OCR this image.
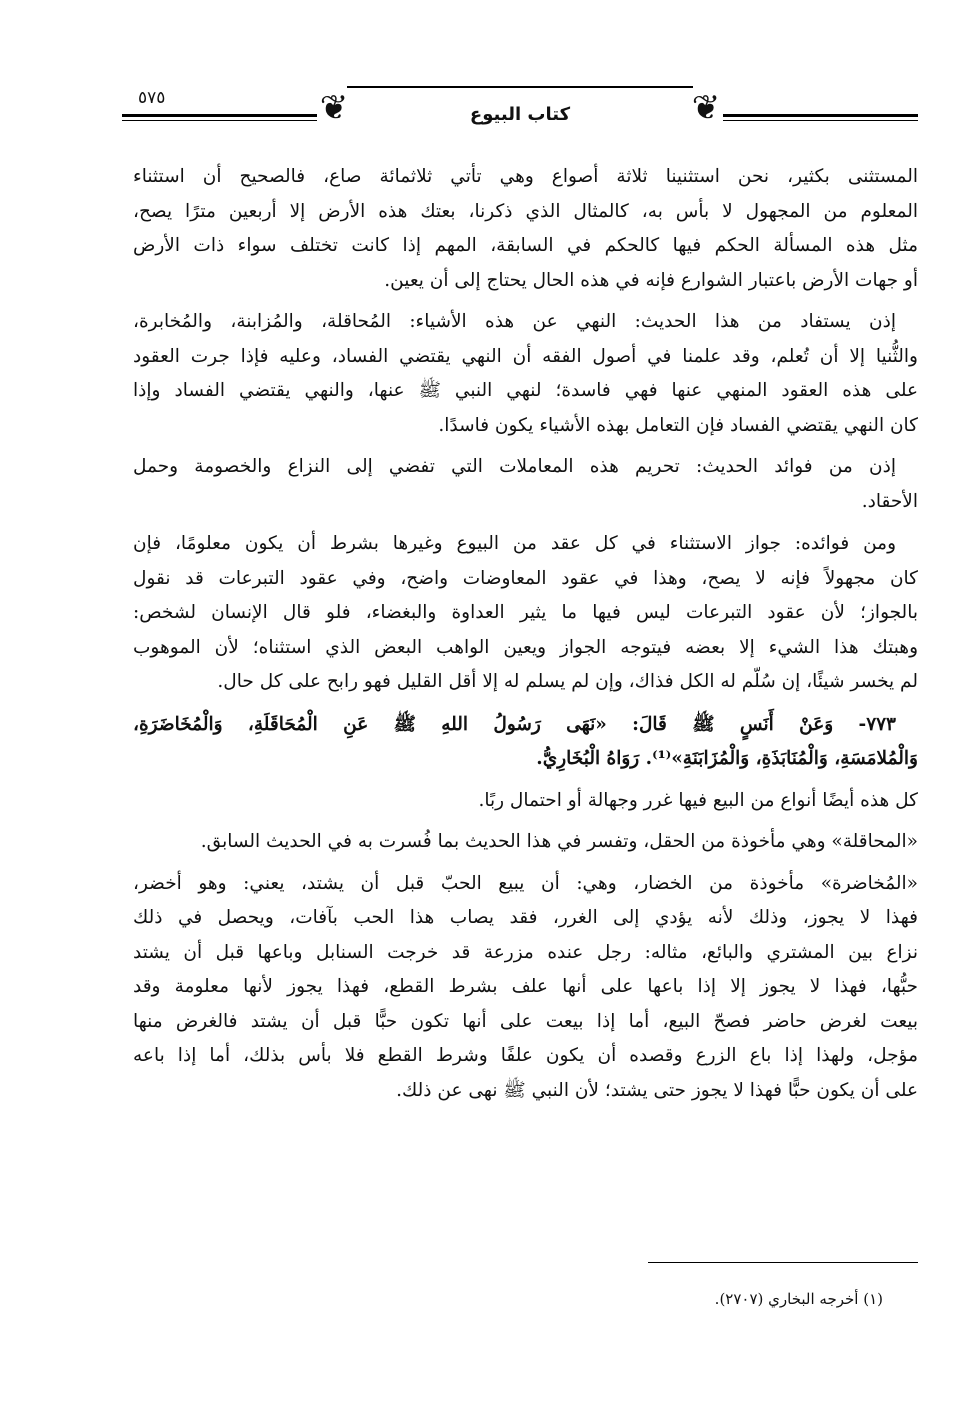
٥٧٥	❦	❦
كتاب البيوع
المستثنى بكثير، نحن استثنينا ثلاثة أصواع وهي تأتي ثلاثمائة صاع، فالصحيح أن استثناء
المعلوم من المجهول لا بأس به، كالمثال الذي ذكرنا، بعتك هذه الأرض إلا أربعين مترًا يصح،
مثل هذه المسألة الحكم فيها كالحكم في السابقة، المهم إذا كانت تختلف سواء ذات الأرض
أو جهات الأرض باعتبار الشوارع فإنه في هذه الحال يحتاج إلى أن يعين.
إذن يستفاد من هذا الحديث: النهي عن هذه الأشياء: المُحاقلة، والمُزابنة، والمُخابرة،
والثُّنيا إلا أن تُعلم، وقد علمنا في أصول الفقه أن النهي يقتضي الفساد، وعليه فإذا جرت العقود
على هذه العقود المنهي عنها فهي فاسدة؛ لنهي النبي ﷺ عنها، والنهي يقتضي الفساد وإذا
كان النهي يقتضي الفساد فإن التعامل بهذه الأشياء يكون فاسدًا.
إذن من فوائد الحديث: تحريم هذه المعاملات التي تفضي إلى النزاع والخصومة وحمل
الأحقاد.
ومن فوائده: جواز الاستثناء في كل عقد من البيوع وغيرها بشرط أن يكون معلومًا، فإن
كان مجهولاً فإنه لا يصح، وهذا في عقود المعاوضات واضح، وفي عقود التبرعات قد نقول
بالجواز؛ لأن عقود التبرعات ليس فيها ما يثير العداوة والبغضاء، فلو قال الإنسان لشخص:
وهبتك هذا الشيء إلا بعضه فيتوجه الجواز ويعين الواهب البعض الذي استثناه؛ لأن الموهوب
لم يخسر شيئًا، إن سُلّم له الكل فذاك، وإن لم يسلم له إلا أقل القليل فهو رابح على كل حال.
٧٧٣- وَعَنْ أَنَسٍ ﷺ قَالَ: «نَهَى رَسُولُ اللهِ ﷺ عَنِ الْمُحَاقَلَةِ، وَالْمُخَاضَرَةِ،
وَالْمُلامَسَةِ، وَالْمُنَابَذَةِ، وَالْمُزَابَنَةِ»⁽¹⁾. رَوَاهُ الْبُخَارِيُّ.
كل هذه أيضًا أنواع من البيع فيها غرر وجهالة أو احتمال ربًا.
«المحاقلة» وهي مأخوذة من الحقل، وتفسر في هذا الحديث بما فُسرت به في الحديث السابق.
«المُخاضرة» مأخوذة من الخضار، وهي: أن يبيع الحبّ قبل أن يشتد، يعني: وهو أخضر،
فهذا لا يجوز، وذلك لأنه يؤدي إلى الغرر، فقد يصاب هذا الحب بآفات، ويحصل في ذلك
نزاع بين المشتري والبائع، مثاله: رجل عنده مزرعة قد خرجت السنابل وباعها قبل أن يشتد
حبُّها، فهذا لا يجوز إلا إذا باعها على أنها علف بشرط القطع، فهذا يجوز لأنها معلومة وقد
بيعت لغرض حاضر فصحّ البيع، أما إذا بيعت على أنها تكون حبًّا قبل أن يشتد فالغرض منها
مؤجل، ولهذا إذا باع الزرع وقصده أن يكون علفًا وشرط القطع فلا بأس بذلك، أما إذا باعه
على أن يكون حبًّا فهذا لا يجوز حتى يشتد؛ لأن النبي ﷺ نهى عن ذلك.
(١) أخرجه البخاري (٢٧٠٧).
